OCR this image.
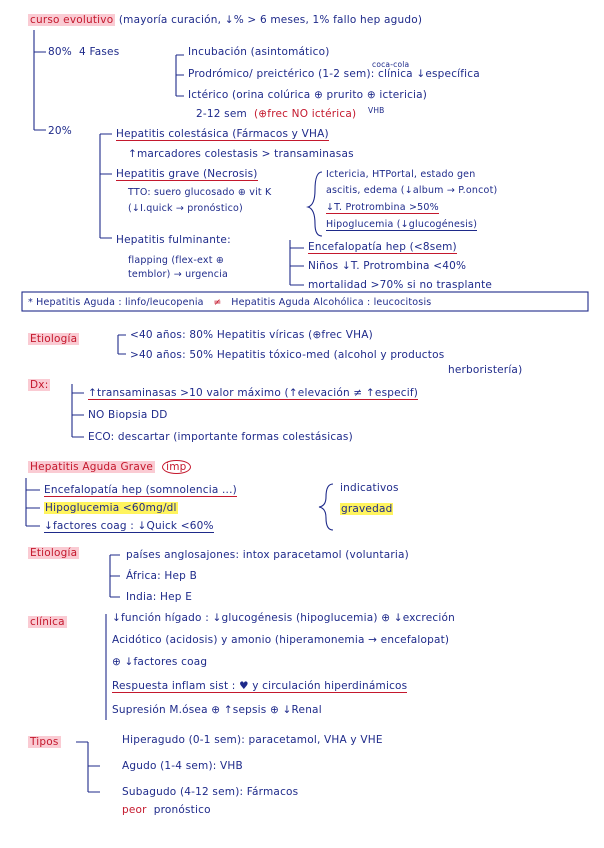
curso evolutivo (mayoría curación, ↓% > 6 meses, 1% fallo hep agudo)
80% 4 Fases	Incubación (asintomático)
coca-cola
Prodrómico/ preictérico (1-2 sem): clínica ↓específica
Ictérico (orina colúrica ⊕ prurito ⊕ ictericia)
VHB
2-12 sem (⊕frec NO ictérica)
20%	Hepatitis colestásica (Fármacos y VHA)
↑marcadores colestasis > transaminasas
Hepatitis grave (Necrosis)
TTO: suero glucosado ⊕ vit K
(↓I.quick → pronóstico)
Ictericia, HTPortal, estado gen
ascitis, edema (↓album → P.oncot)
↓T. Protrombina >50%
Hipoglucemia (↓glucogénesis)
Hepatitis fulminante:
flapping (flex-ext ⊕
temblor) → urgencia
Encefalopatía hep (<8sem)
Niños ↓T. Protrombina <40%
mortalidad >70% si no trasplante
* Hepatitis Aguda : linfo/leucopenia ≠ Hepatitis Aguda Alcohólica : leucocitosis
Etiología	<40 años: 80% Hepatitis víricas (⊕frec VHA)
>40 años: 50% Hepatitis tóxico-med (alcohol y productos
herboristería)
Dx:
↑transaminasas >10 valor máximo (↑elevación ≠ ↑especif)
NO Biopsia DD
ECO: descartar (importante formas colestásicas)
Hepatitis Aguda Grave imp
Encefalopatía hep (somnolencia ...)
Hipoglucemia <60mg/dl
↓factores coag : ↓Quick <60%
indicativos
gravedad
Etiología	países anglosajones: intox paracetamol (voluntaria)
África: Hep B
India: Hep E
clínica	↓función hígado : ↓glucogénesis (hipoglucemia) ⊕ ↓excreción
Acidótico (acidosis) y amonio (hiperamonemia → encefalopat)
⊕ ↓factores coag
Respuesta inflam sist : ♥ y circulación hiperdinámicos
Supresión M.ósea ⊕ ↑sepsis ⊕ ↓Renal
Tipos	Hiperagudo (0-1 sem): paracetamol, VHA y VHE
Agudo (1-4 sem): VHB
Subagudo (4-12 sem): Fármacos
peor pronóstico
